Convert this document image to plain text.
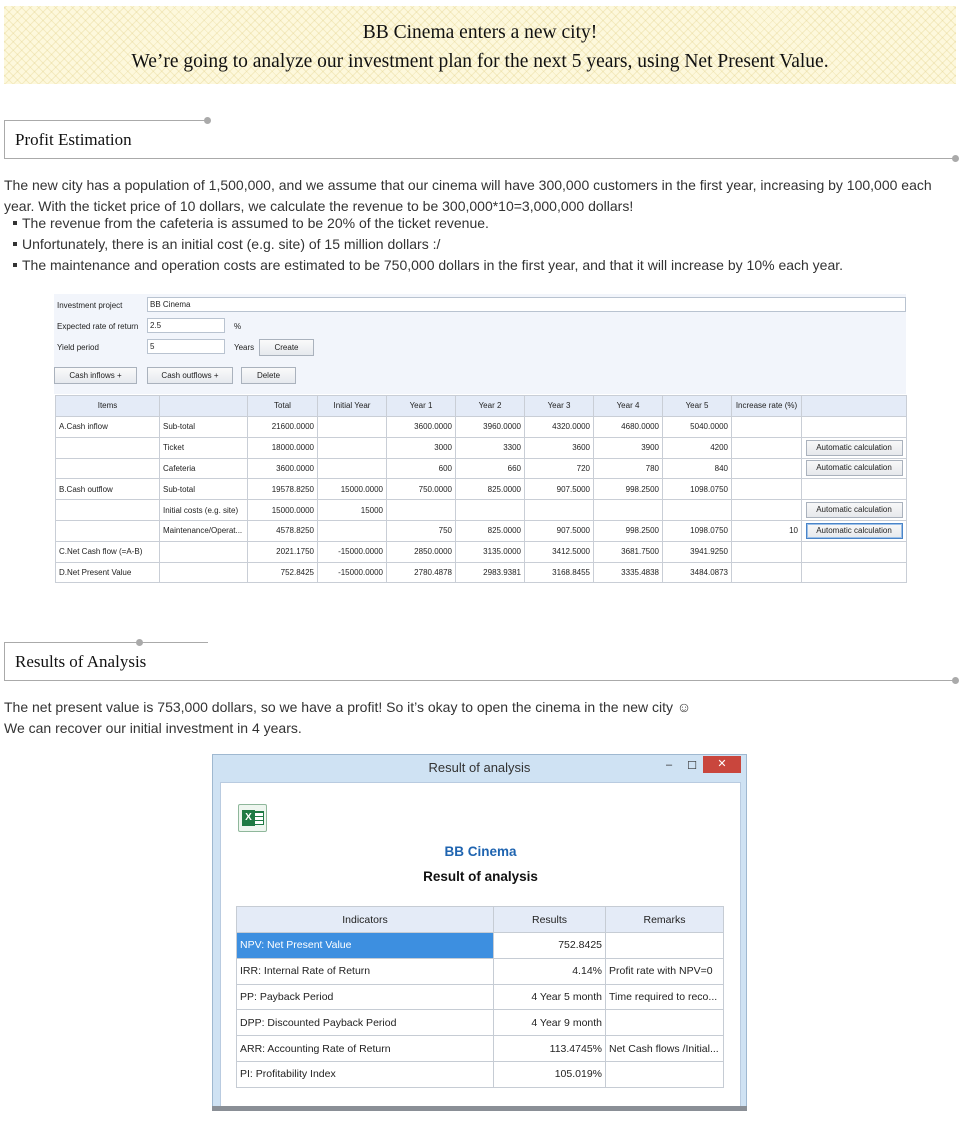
BB Cinema enters a new city!
We’re going to analyze our investment plan for the next 5 years, using Net Present Value.
Profit Estimation
The new city has a population of 1,500,000, and we assume that our cinema will have 300,000 customers in the first year, increasing by 100,000 each
year. With the ticket price of 10 dollars, we calculate the revenue to be 300,000*10=3,000,000 dollars!
The revenue from the cafeteria is assumed to be 20% of the ticket revenue.
Unfortunately, there is an initial cost (e.g. site) of 15 million dollars :/
The maintenance and operation costs are estimated to be 750,000 dollars in the first year, and that it will increase by 10% each year.
Investment project	BB Cinema
Expected rate of return	2.5	%
Yield period	5	Years	Create
Cash inflows +	Cash outflows +	Delete
Items		Total	Initial Year	Year 1	Year 2	Year 3	Year 4	Year 5	Increase rate (%)	
A.Cash inflow	Sub-total	21600.0000		3600.0000	3960.0000	4320.0000	4680.0000	5040.0000		
	Ticket	18000.0000		3000	3300	3600	3900	4200		Automatic calculation

	Cafeteria	3600.0000		600	660	720	780	840		Automatic calculation

B.Cash outflow	Sub-total	19578.8250	15000.0000	750.0000	825.0000	907.5000	998.2500	1098.0750		
	Initial costs (e.g. site)	15000.0000	15000							Automatic calculation

	Maintenance/Operat...	4578.8250		750	825.0000	907.5000	998.2500	1098.0750	10	Automatic calculation

C.Net Cash flow (=A-B)		2021.1750	-15000.0000	2850.0000	3135.0000	3412.5000	3681.7500	3941.9250		
D.Net Present Value		752.8425	-15000.0000	2780.4878	2983.9381	3168.8455	3335.4838	3484.0873		
Results of Analysis
The net present value is 753,000 dollars, so we have a profit! So it’s okay to open the cinema in the new city ☺
We can recover our initial investment in 4 years.
Result of analysis	–	☐	✕
X
BB Cinema
Result of analysis
Indicators	Results	Remarks
NPV: Net Present Value	752.8425	
IRR: Internal Rate of Return	4.14%	Profit rate with NPV=0
PP: Payback Period	4 Year 5 month	Time required to reco...
DPP: Discounted Payback Period	4 Year 9 month	
ARR: Accounting Rate of Return	113.4745%	Net Cash flows /Initial...
PI: Profitability Index	105.019%	
